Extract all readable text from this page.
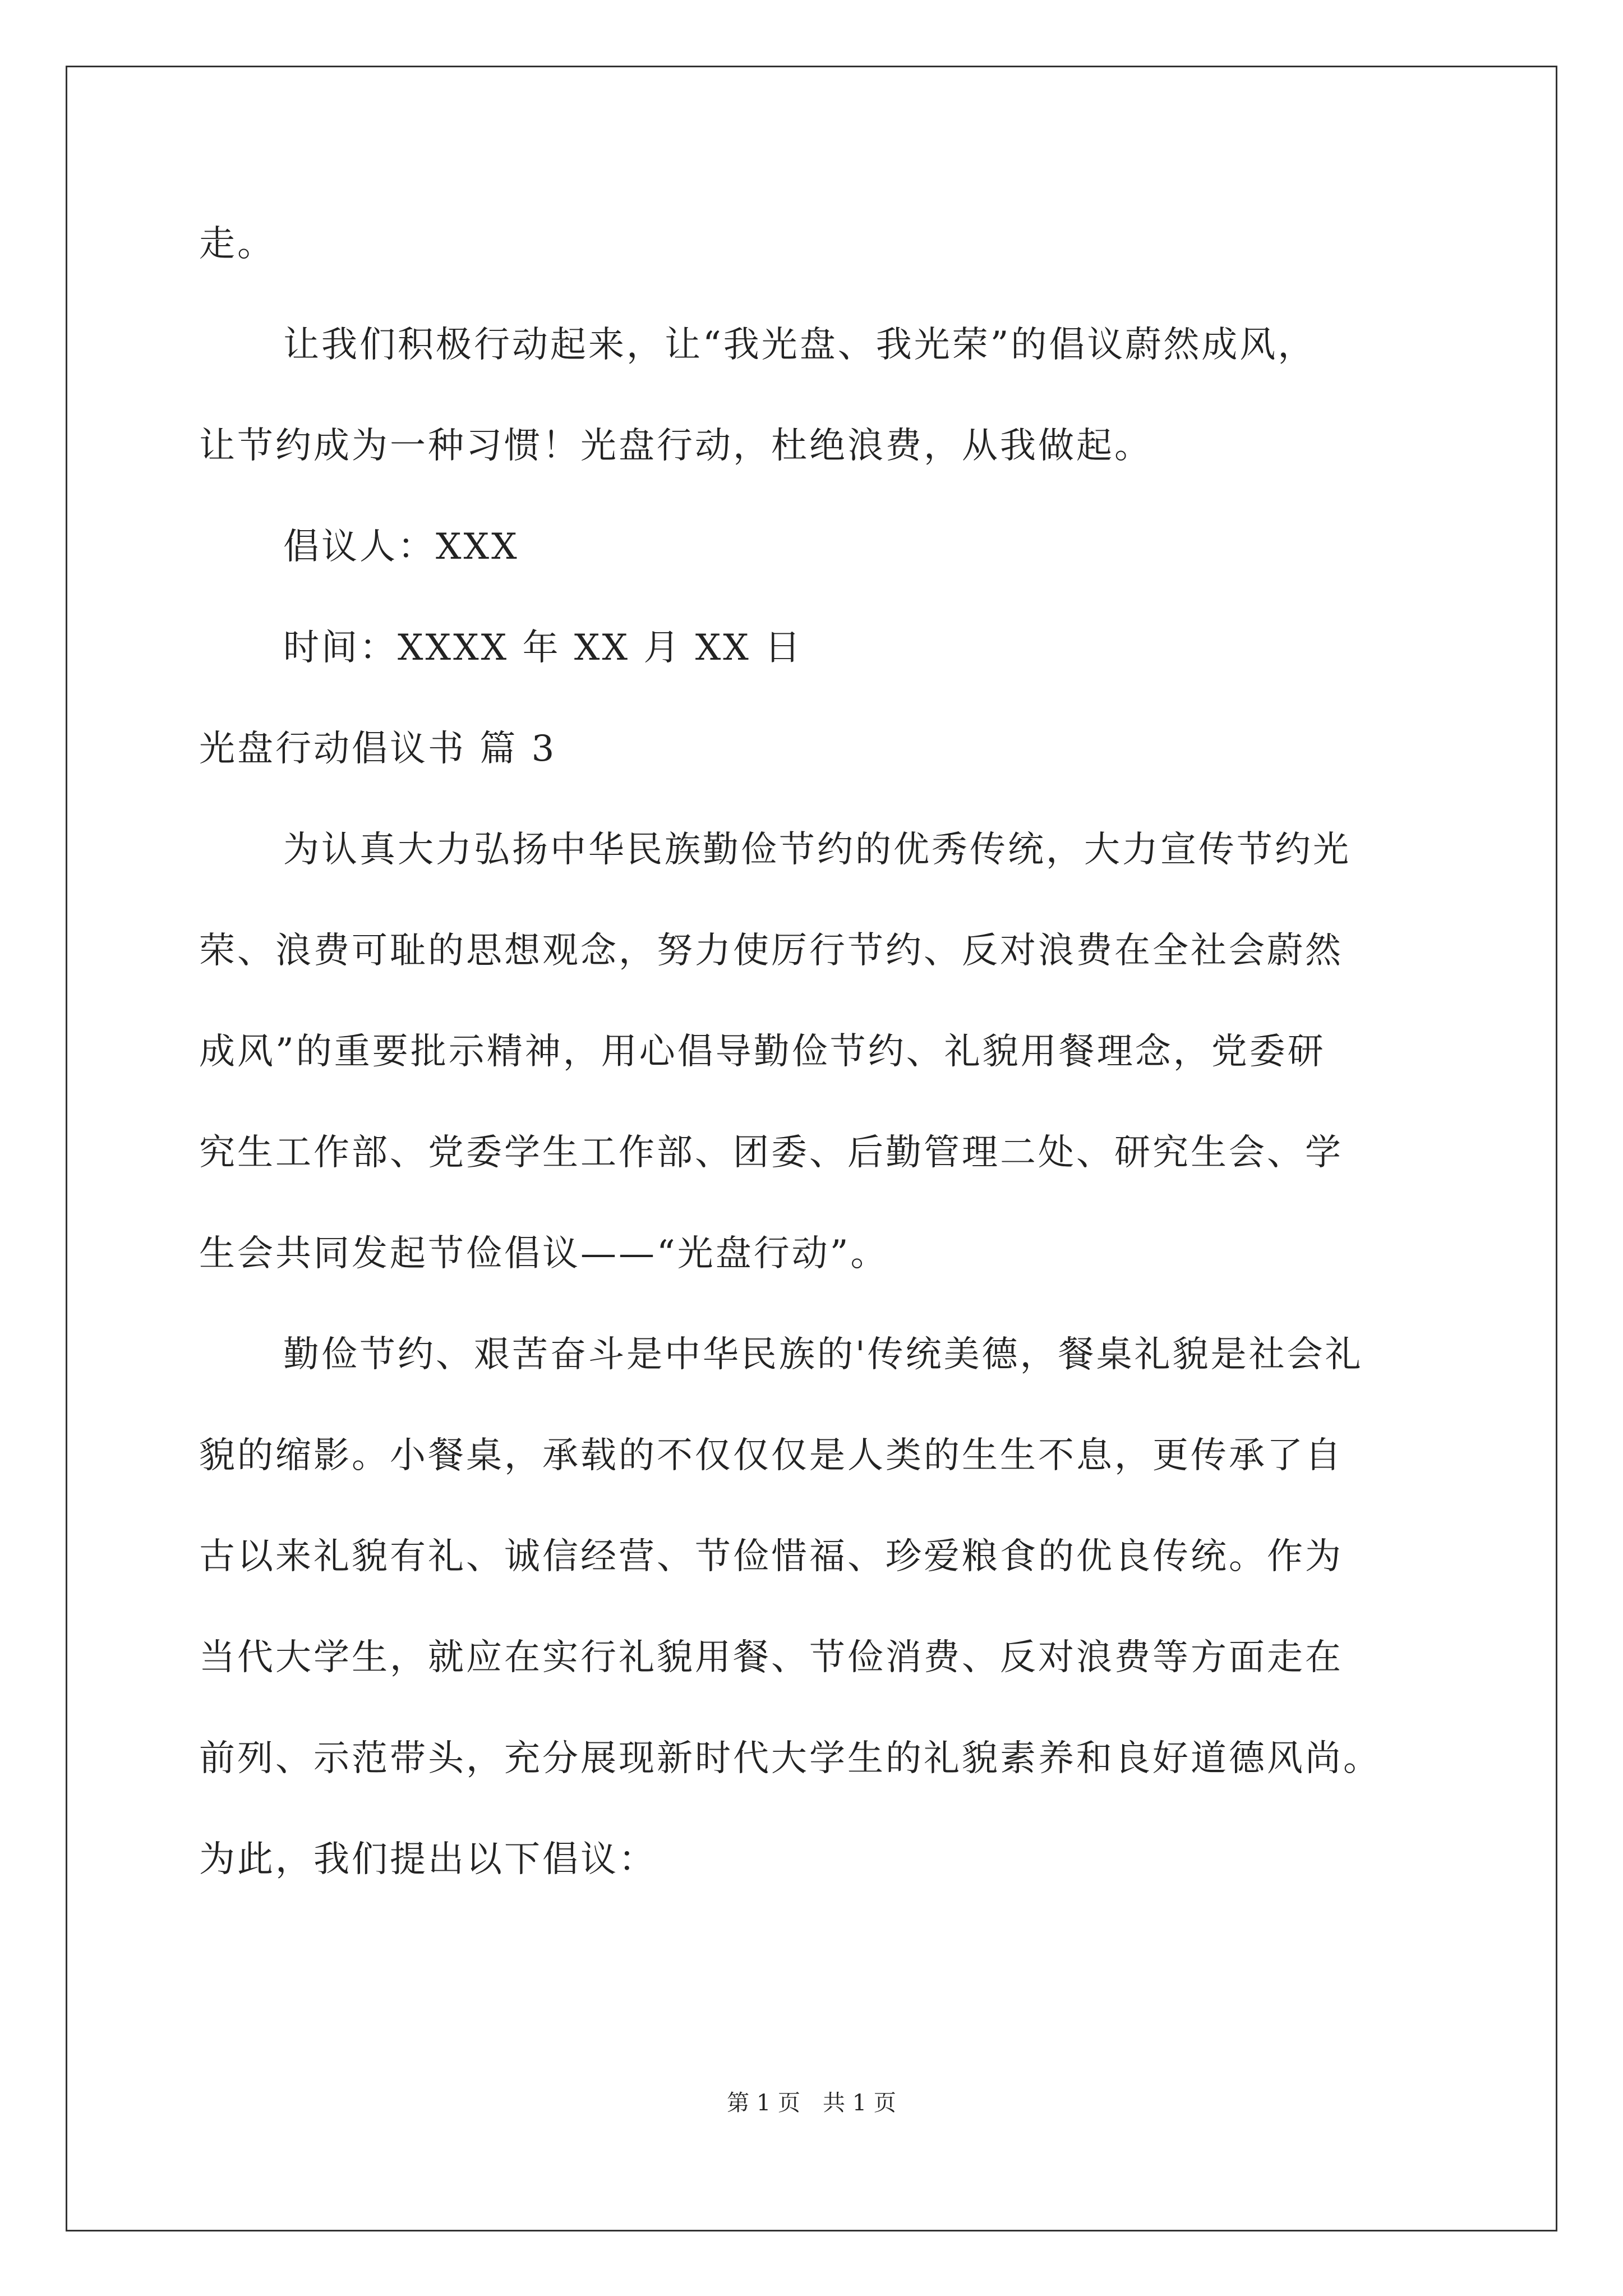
走。
让我们积极行动起来，让“我光盘、我光荣”的倡议蔚然成风，
让节约成为一种习惯！光盘行动，杜绝浪费，从我做起。
倡议人：XXX
时间：XXXX 年 XX 月 XX 日
光盘行动倡议书 篇 3
为认真大力弘扬中华民族勤俭节约的优秀传统，大力宣传节约光
荣、浪费可耻的思想观念，努力使厉行节约、反对浪费在全社会蔚然
成风”的重要批示精神，用心倡导勤俭节约、礼貌用餐理念，党委研
究生工作部、党委学生工作部、团委、后勤管理二处、研究生会、学
生会共同发起节俭倡议——“光盘行动”。
勤俭节约、艰苦奋斗是中华民族的'传统美德，餐桌礼貌是社会礼
貌的缩影。小餐桌，承载的不仅仅仅是人类的生生不息，更传承了自
古以来礼貌有礼、诚信经营、节俭惜福、珍爱粮食的优良传统。作为
当代大学生，就应在实行礼貌用餐、节俭消费、反对浪费等方面走在
前列、示范带头，充分展现新时代大学生的礼貌素养和良好道德风尚。
为此，我们提出以下倡议：
第 1 页　共 1 页
